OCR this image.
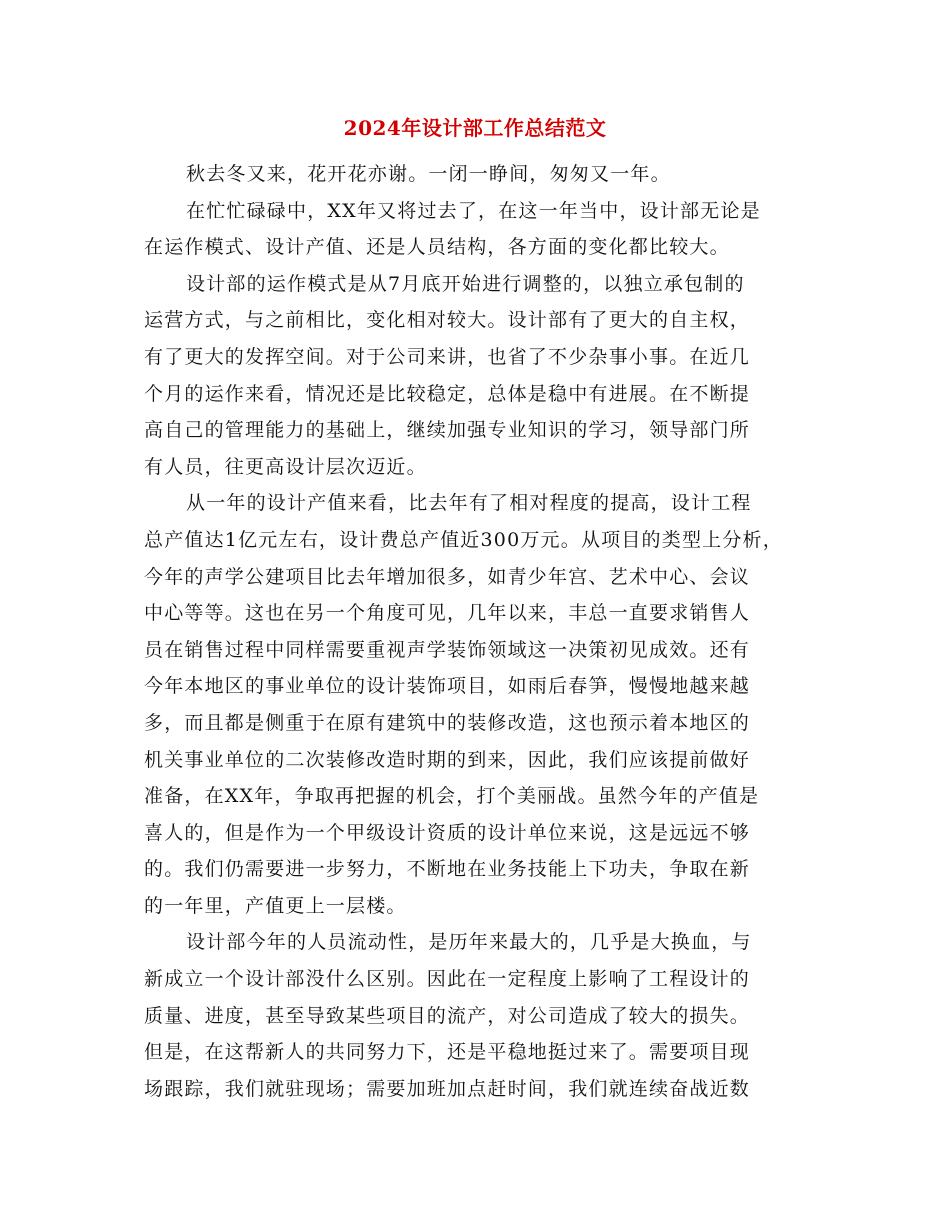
2024年设计部工作总结范文
秋去冬又来，花开花亦谢。一闭一睁间，匆匆又一年。
在忙忙碌碌中，XX年又将过去了，在这一年当中，设计部无论是
在运作模式、设计产值、还是人员结构，各方面的变化都比较大。
设计部的运作模式是从7月底开始进行调整的，以独立承包制的
运营方式，与之前相比，变化相对较大。设计部有了更大的自主权，
有了更大的发挥空间。对于公司来讲，也省了不少杂事小事。在近几
个月的运作来看，情况还是比较稳定，总体是稳中有进展。在不断提
高自己的管理能力的基础上，继续加强专业知识的学习，领导部门所
有人员，往更高设计层次迈近。
从一年的设计产值来看，比去年有了相对程度的提高，设计工程
总产值达1亿元左右，设计费总产值近300万元。从项目的类型上分析，
今年的声学公建项目比去年增加很多，如青少年宫、艺术中心、会议
中心等等。这也在另一个角度可见，几年以来，丰总一直要求销售人
员在销售过程中同样需要重视声学装饰领域这一决策初见成效。还有
今年本地区的事业单位的设计装饰项目，如雨后春笋，慢慢地越来越
多，而且都是侧重于在原有建筑中的装修改造，这也预示着本地区的
机关事业单位的二次装修改造时期的到来，因此，我们应该提前做好
准备，在XX年，争取再把握的机会，打个美丽战。虽然今年的产值是
喜人的，但是作为一个甲级设计资质的设计单位来说，这是远远不够
的。我们仍需要进一步努力，不断地在业务技能上下功夫，争取在新
的一年里，产值更上一层楼。
设计部今年的人员流动性，是历年来最大的，几乎是大换血，与
新成立一个设计部没什么区别。因此在一定程度上影响了工程设计的
质量、进度，甚至导致某些项目的流产，对公司造成了较大的损失。
但是，在这帮新人的共同努力下，还是平稳地挺过来了。需要项目现
场跟踪，我们就驻现场；需要加班加点赶时间，我们就连续奋战近数
